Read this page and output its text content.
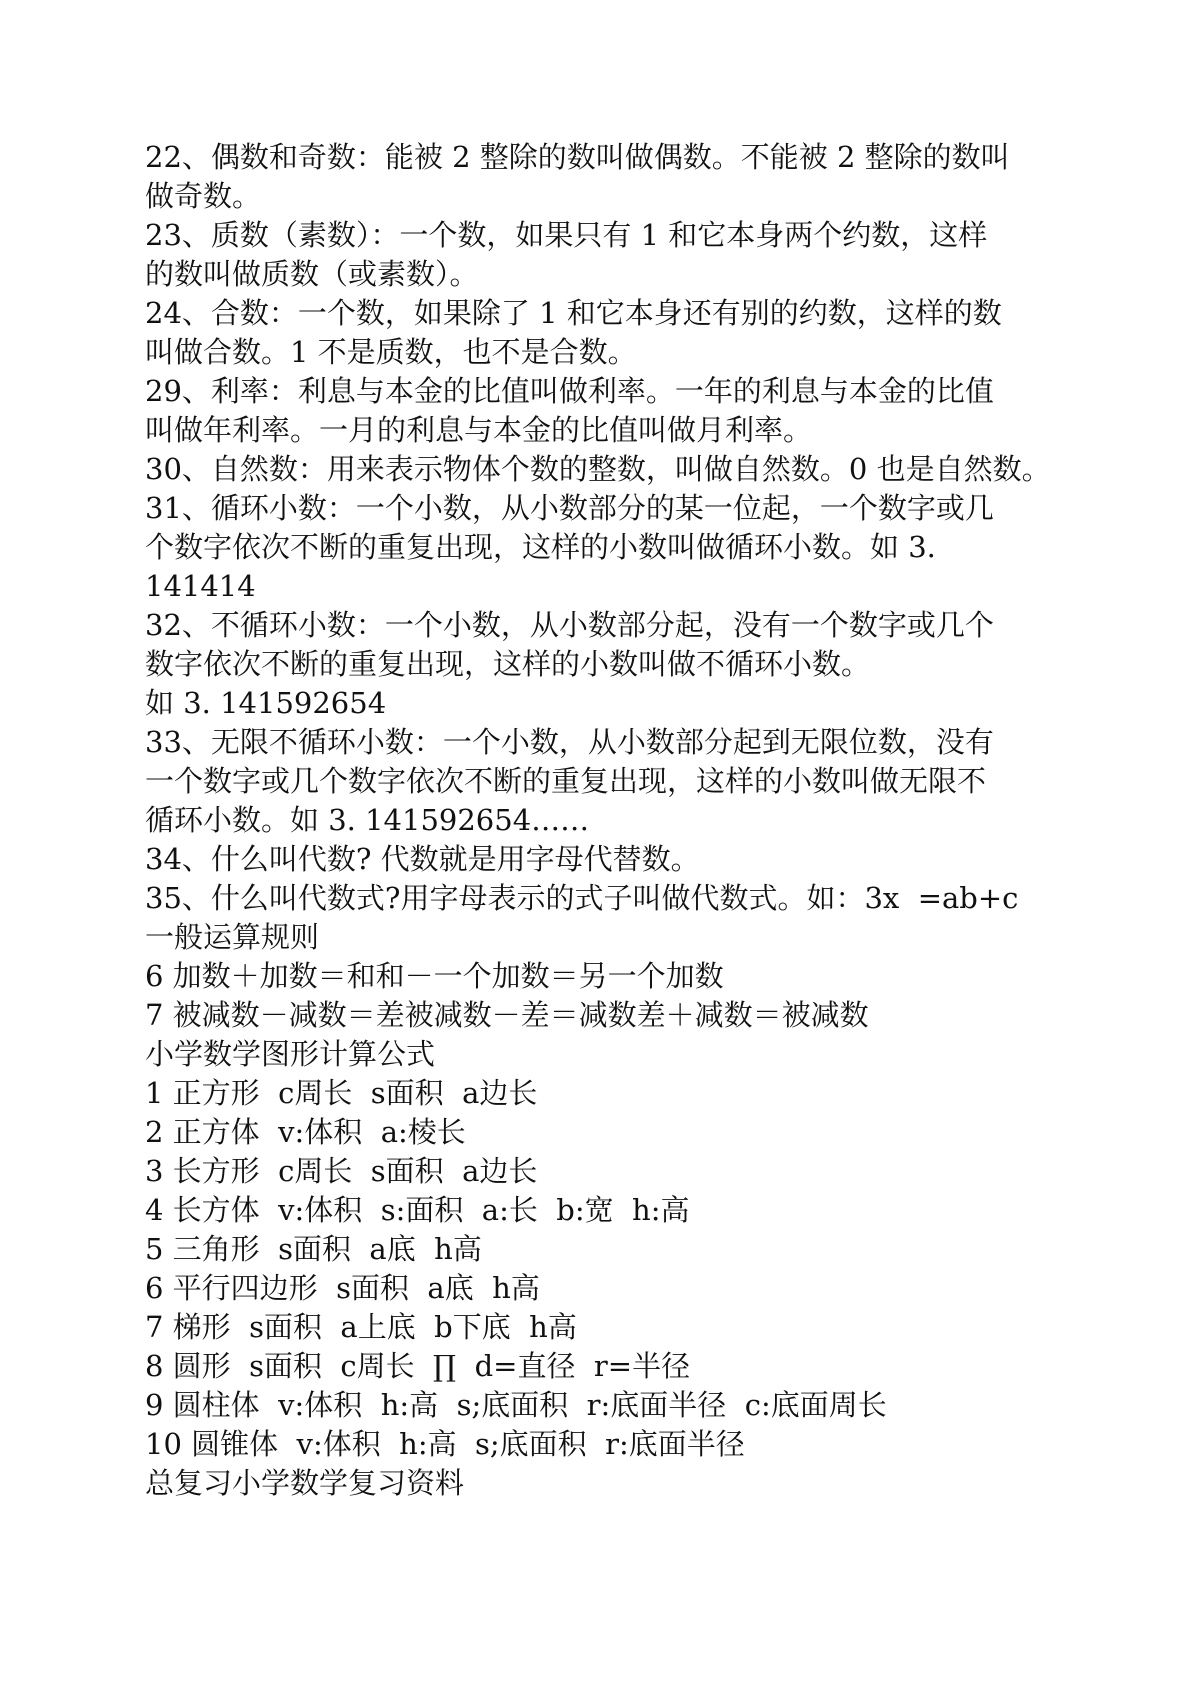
22、偶数和奇数：能被 2 整除的数叫做偶数。不能被 2 整除的数叫
做奇数。
23、质数（素数）：一个数，如果只有 1 和它本身两个约数，这样
的数叫做质数（或素数）。
24、合数：一个数，如果除了 1 和它本身还有别的约数，这样的数
叫做合数。1 不是质数，也不是合数。
29、利率：利息与本金的比值叫做利率。一年的利息与本金的比值
叫做年利率。一月的利息与本金的比值叫做月利率。
30、自然数：用来表示物体个数的整数，叫做自然数。0 也是自然数。
31、循环小数：一个小数，从小数部分的某一位起，一个数字或几
个数字依次不断的重复出现，这样的小数叫做循环小数。如 3.
141414
32、不循环小数：一个小数，从小数部分起，没有一个数字或几个
数字依次不断的重复出现，这样的小数叫做不循环小数。
如 3. 141592654
33、无限不循环小数：一个小数，从小数部分起到无限位数，没有
一个数字或几个数字依次不断的重复出现，这样的小数叫做无限不
循环小数。如 3. 141592654……
34、什么叫代数? 代数就是用字母代替数。
35、什么叫代数式?用字母表示的式子叫做代数式。如：3x  =ab+c
一般运算规则
6 加数＋加数＝和和－一个加数＝另一个加数
7 被减数－减数＝差被减数－差＝减数差＋减数＝被减数
小学数学图形计算公式
1 正方形  c周长  s面积  a边长
2 正方体  v:体积  a:棱长
3 长方形  c周长  s面积  a边长
4 长方体  v:体积  s:面积  a:长  b:宽  h:高
5 三角形  s面积  a底  h高
6 平行四边形  s面积  a底  h高
7 梯形  s面积  a上底  b下底  h高
8 圆形  s面积  c周长  ∏  d=直径  r=半径
9 圆柱体  v:体积  h:高  s;底面积  r:底面半径  c:底面周长
10 圆锥体  v:体积  h:高  s;底面积  r:底面半径
总复习小学数学复习资料
